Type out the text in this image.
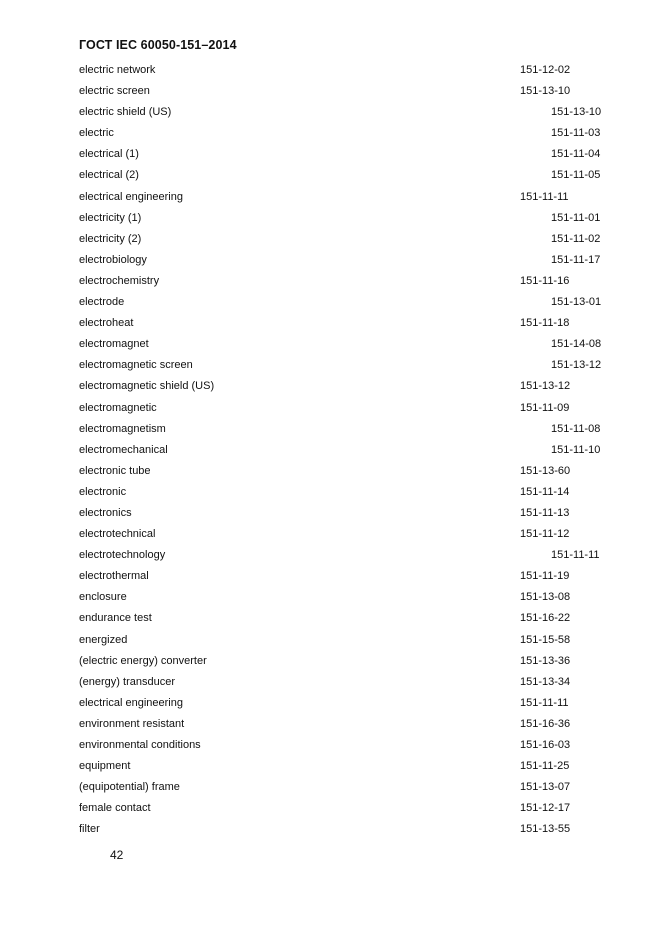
ГОСТ IEC 60050-151–2014
electric network	151-12-02
electric screen	151-13-10
electric shield (US)	151-13-10
electric	151-11-03
electrical (1)	151-11-04
electrical (2)	151-11-05
electrical engineering	151-11-11
electricity (1)	151-11-01
electricity (2)	151-11-02
electrobiology	151-11-17
electrochemistry	151-11-16
electrode	151-13-01
electroheat	151-11-18
electromagnet	151-14-08
electromagnetic screen	151-13-12
electromagnetic shield (US)	151-13-12
electromagnetic	151-11-09
electromagnetism	151-11-08
electromechanical	151-11-10
electronic tube	151-13-60
electronic	151-11-14
electronics	151-11-13
electrotechnical	151-11-12
electrotechnology	151-11-11
electrothermal	151-11-19
enclosure	151-13-08
endurance test	151-16-22
energized	151-15-58
(electric energy) converter	151-13-36
(energy) transducer	151-13-34
electrical engineering	151-11-11
environment resistant	151-16-36
environmental conditions	151-16-03
equipment	151-11-25
(equipotential) frame	151-13-07
female contact	151-12-17
filter	151-13-55
42
